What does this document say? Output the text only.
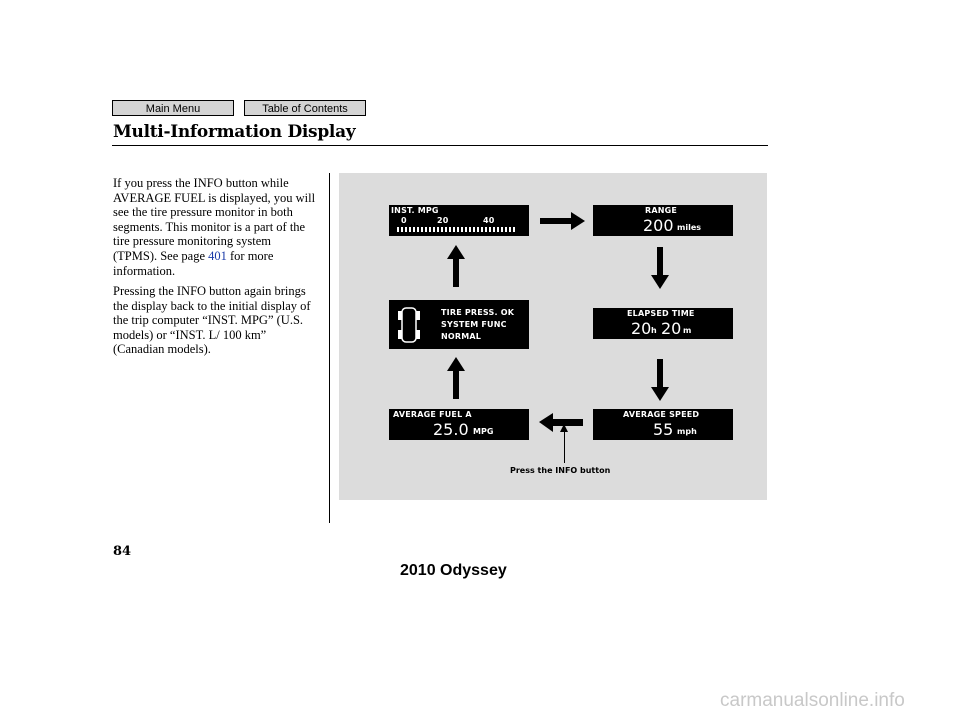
Main Menu	Table of Contents
Multi-Information Display
If you press the INFO button while AVERAGE FUEL is displayed, you will see the tire pressure monitor in both segments. This monitor is a part of the tire pressure monitoring system (TPMS). See page 401 for more information.
Pressing the INFO button again brings the display back to the initial display of the trip computer “INST. MPG” (U.S. models) or “INST. L/ 100 km” (Canadian models).
INST. MPG
0	20	40
RANGE
200 miles
TIRE PRESS. OK
SYSTEM FUNC
NORMAL
ELAPSED TIME
20 h 20 m
AVERAGE FUEL A
25.0 MPG
AVERAGE SPEED
55 mph
Press the INFO button
84
2010 Odyssey
carmanualsonline.info
